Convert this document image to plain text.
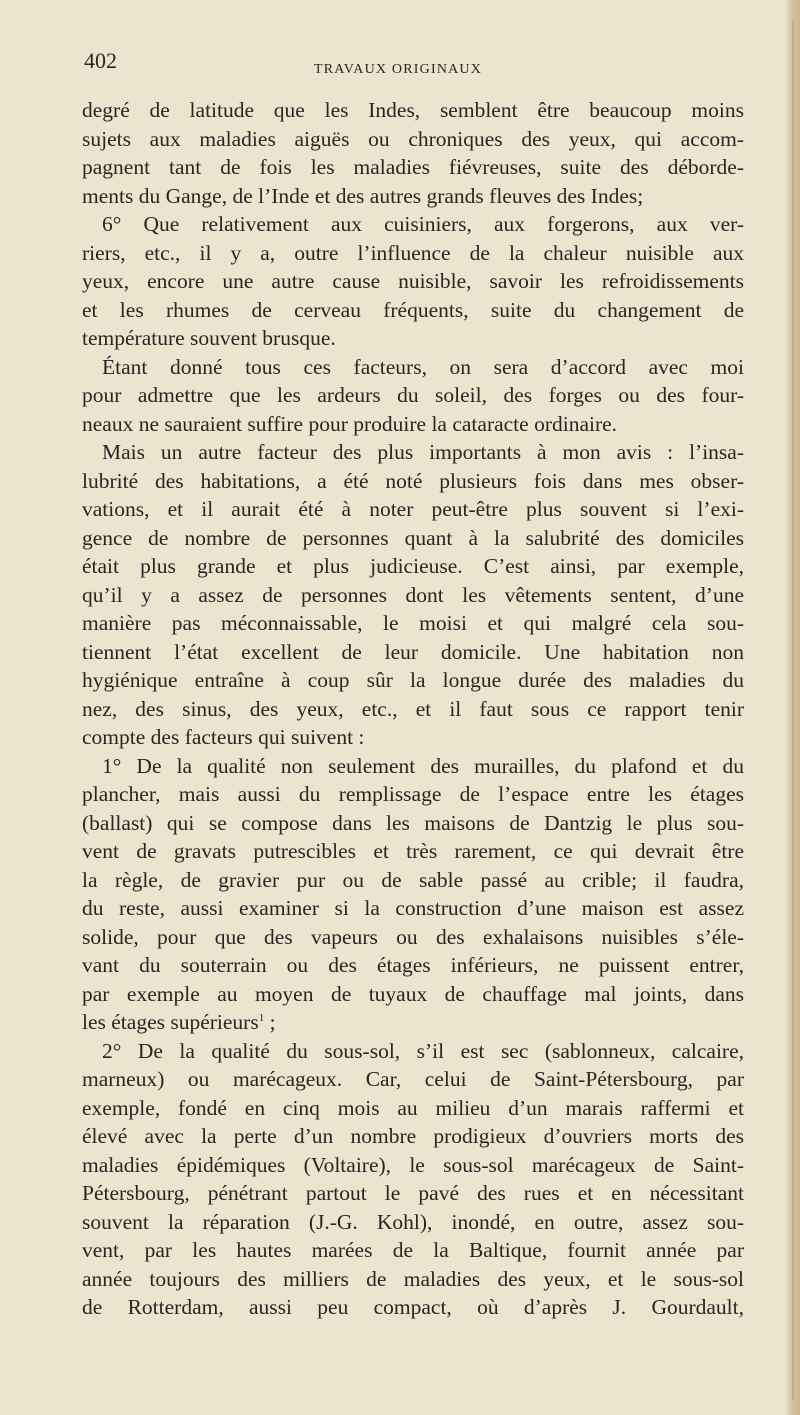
402	TRAVAUX ORIGINAUX
degré de latitude que les Indes, semblent être beaucoup moins
sujets aux maladies aiguës ou chroniques des yeux, qui accom-
pagnent tant de fois les maladies fiévreuses, suite des déborde-
ments du Gange, de l’Inde et des autres grands fleuves des Indes;
6° Que relativement aux cuisiniers, aux forgerons, aux ver-
riers, etc., il y a, outre l’influence de la chaleur nuisible aux
yeux, encore une autre cause nuisible, savoir les refroidissements
et les rhumes de cerveau fréquents, suite du changement de
température souvent brusque.
Étant donné tous ces facteurs, on sera d’accord avec moi
pour admettre que les ardeurs du soleil, des forges ou des four-
neaux ne sauraient suffire pour produire la cataracte ordinaire.
Mais un autre facteur des plus importants à mon avis : l’insa-
lubrité des habitations, a été noté plusieurs fois dans mes obser-
vations, et il aurait été à noter peut-être plus souvent si l’exi-
gence de nombre de personnes quant à la salubrité des domiciles
était plus grande et plus judicieuse. C’est ainsi, par exemple,
qu’il y a assez de personnes dont les vêtements sentent, d’une
manière pas méconnaissable, le moisi et qui malgré cela sou-
tiennent l’état excellent de leur domicile. Une habitation non
hygiénique entraîne à coup sûr la longue durée des maladies du
nez, des sinus, des yeux, etc., et il faut sous ce rapport tenir
compte des facteurs qui suivent :
1° De la qualité non seulement des murailles, du plafond et du
plancher, mais aussi du remplissage de l’espace entre les étages
(ballast) qui se compose dans les maisons de Dantzig le plus sou-
vent de gravats putrescibles et très rarement, ce qui devrait être
la règle, de gravier pur ou de sable passé au crible; il faudra,
du reste, aussi examiner si la construction d’une maison est assez
solide, pour que des vapeurs ou des exhalaisons nuisibles s’éle-
vant du souterrain ou des étages inférieurs, ne puissent entrer,
par exemple au moyen de tuyaux de chauffage mal joints, dans
les étages supérieurs$^1$ ;
2° De la qualité du sous-sol, s’il est sec (sablonneux, calcaire,
marneux) ou marécageux. Car, celui de Saint-Pétersbourg, par
exemple, fondé en cinq mois au milieu d’un marais raffermi et
élevé avec la perte d’un nombre prodigieux d’ouvriers morts des
maladies épidémiques (Voltaire), le sous-sol marécageux de Saint-
Pétersbourg, pénétrant partout le pavé des rues et en nécessitant
souvent la réparation (J.-G. Kohl), inondé, en outre, assez sou-
vent, par les hautes marées de la Baltique, fournit année par
année toujours des milliers de maladies des yeux, et le sous-sol
de Rotterdam, aussi peu compact, où d’après J. Gourdault,
